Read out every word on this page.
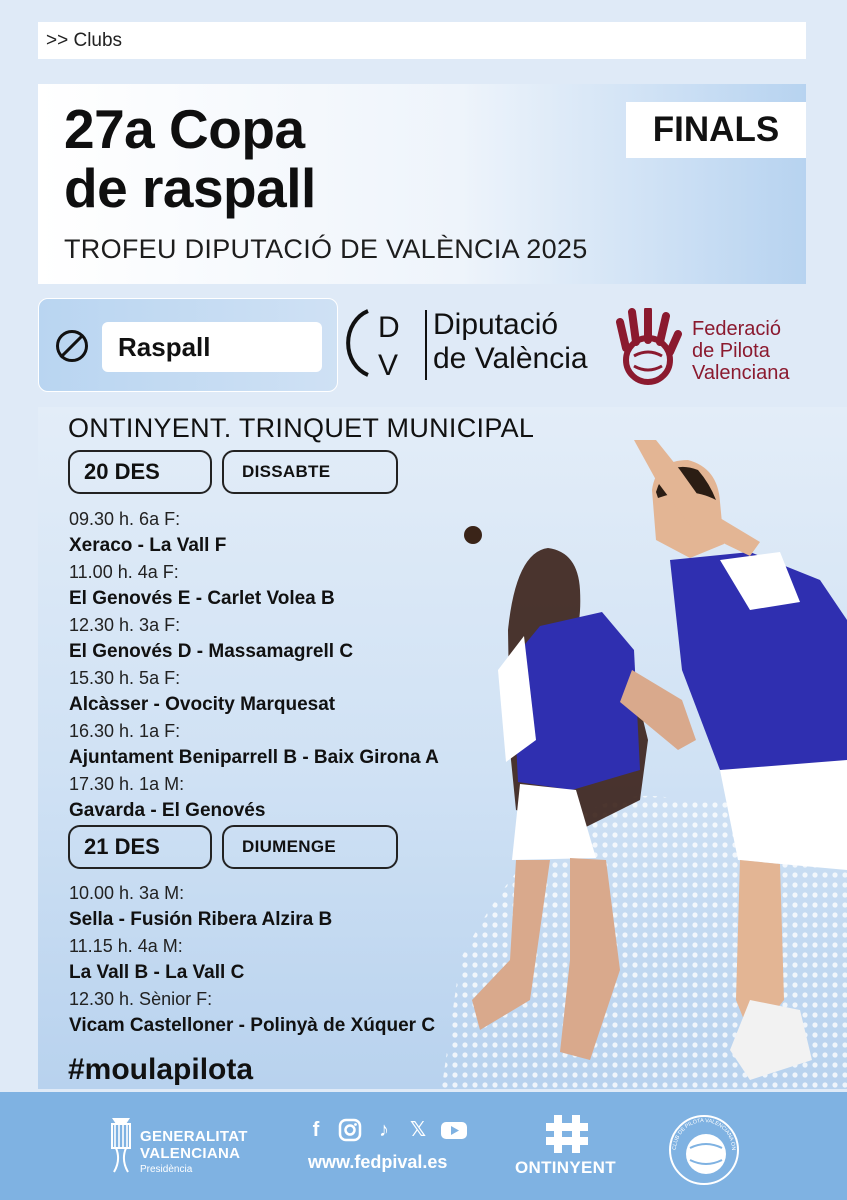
>> Clubs
27a Copa
de raspall
TROFEU DIPUTACIÓ DE VALÈNCIA 2025
FINALS
Raspall
D
V
Diputació
de València
Federació
de Pilota
Valenciana
ONTINYENT. TRINQUET MUNICIPAL
20 DES	DISSABTE
09.30 h. 6a F:
Xeraco - La Vall F
11.00 h. 4a F:
El Genovés E - Carlet Volea B
12.30 h. 3a F:
El Genovés D - Massamagrell C
15.30 h. 5a F:
Alcàsser - Ovocity Marquesat
16.30 h. 1a F:
Ajuntament Beniparrell B - Baix Girona A
17.30 h. 1a M:
Gavarda - El Genovés
21 DES	DIUMENGE
10.00 h. 3a M:
Sella - Fusión Ribera Alzira B
11.15 h. 4a M:
La Vall B - La Vall C
12.30 h. Sènior F:
Vicam Castelloner - Polinyà de Xúquer C
#moulapilota
GENERALITAT
VALENCIANA
Presidència
f	♪	𝕏
www.fedpival.es	ONTINYENT
CLUB DE PILOTA VALENCIANA ON
